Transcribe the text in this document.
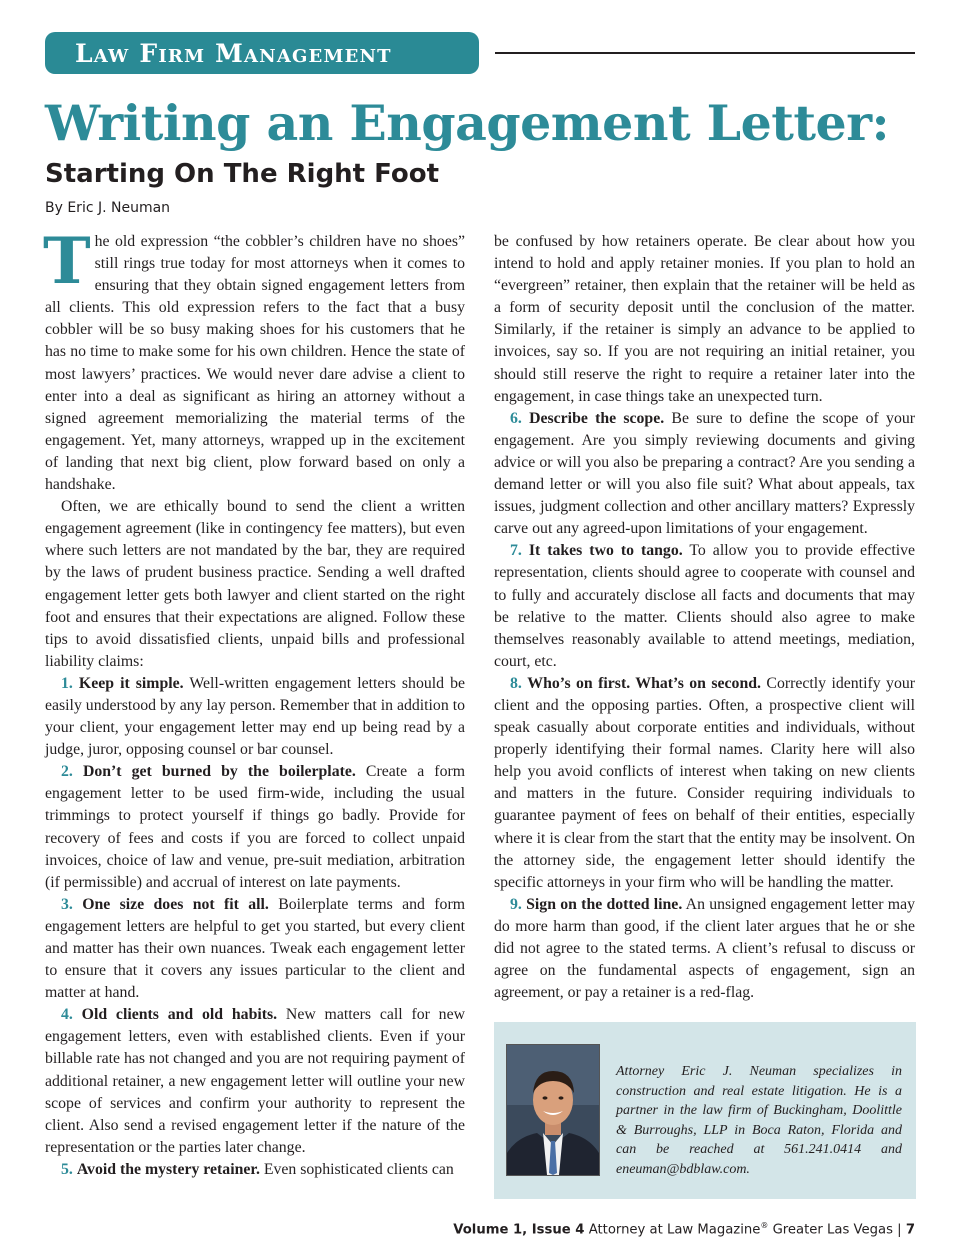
Law Firm Management
Writing an Engagement Letter:
Starting On The Right Foot
By Eric J. Neuman

The old expression “the cobbler’s children have no shoes” still rings true today for most attorneys when it comes to ensuring that they obtain signed engagement letters from all clients. This old expression refers to the fact that a busy cobbler will be so busy making shoes for his customers that he has no time to make some for his own children. Hence the state of most lawyers’ practices. We would never dare advise a client to enter into a deal as significant as hiring an attorney without a signed agreement memorializing the material terms of the engagement. Yet, many attorneys, wrapped up in the excitement of landing that next big client, plow forward based on only a handshake.

Often, we are ethically bound to send the client a written engagement agreement (like in contingency fee matters), but even where such letters are not mandated by the bar, they are required by the laws of prudent business practice. Sending a well drafted engagement letter gets both lawyer and client started on the right foot and ensures that their expectations are aligned. Follow these tips to avoid dissatisfied clients, unpaid bills and professional liability claims:

1. Keep it simple. Well-written engagement letters should be easily understood by any lay person. Remember that in addition to your client, your engagement letter may end up being read by a judge, juror, opposing counsel or bar counsel.

2. Don’t get burned by the boilerplate. Create a form engagement letter to be used firm-wide, including the usual trimmings to protect yourself if things go badly. Provide for recovery of fees and costs if you are forced to collect unpaid invoices, choice of law and venue, pre-suit mediation, arbitration (if permissible) and accrual of interest on late payments.

3. One size does not fit all. Boilerplate terms and form engagement letters are helpful to get you started, but every client and matter has their own nuances. Tweak each engagement letter to ensure that it covers any issues particular to the client and matter at hand.

4. Old clients and old habits. New matters call for new engagement letters, even with established clients. Even if your billable rate has not changed and you are not requiring payment of additional retainer, a new engagement letter will outline your new scope of services and confirm your authority to represent the client. Also send a revised engagement letter if the nature of the representation or the parties later change.

5. Avoid the mystery retainer. Even sophisticated clients can

be confused by how retainers operate. Be clear about how you intend to hold and apply retainer monies. If you plan to hold an “evergreen” retainer, then explain that the retainer will be held as a form of security deposit until the conclusion of the matter. Similarly, if the retainer is simply an advance to be applied to invoices, say so. If you are not requiring an initial retainer, you should still reserve the right to require a retainer later into the engagement, in case things take an unexpected turn.

6. Describe the scope. Be sure to define the scope of your engagement. Are you simply reviewing documents and giving advice or will you also be preparing a contract? Are you sending a demand letter or will you also file suit? What about appeals, tax issues, judgment collection and other ancillary matters? Expressly carve out any agreed-upon limitations of your engagement.

7. It takes two to tango. To allow you to provide effective representation, clients should agree to cooperate with counsel and to fully and accurately disclose all facts and documents that may be relative to the matter. Clients should also agree to make themselves reasonably available to attend meetings, mediation, court, etc.

8. Who’s on first. What’s on second. Correctly identify your client and the opposing parties. Often, a prospective client will speak casually about corporate entities and individuals, without properly identifying their formal names. Clarity here will also help you avoid conflicts of interest when taking on new clients and matters in the future. Consider requiring individuals to guarantee payment of fees on behalf of their entities, especially where it is clear from the start that the entity may be insolvent. On the attorney side, the engagement letter should identify the specific attorneys in your firm who will be handling the matter.

9. Sign on the dotted line. An unsigned engagement letter may do more harm than good, if the client later argues that he or she did not agree to the stated terms. A client’s refusal to discuss or agree on the fundamental aspects of engagement, sign an agreement, or pay a retainer is a red-flag.

Attorney Eric J. Neuman specializes in construction and real estate litigation. He is a partner in the law firm of Buckingham, Doolittle & Burroughs, LLP in Boca Raton, Florida and can be reached at 561.241.0414 and eneuman@bdblaw.com.
Volume 1, Issue 4 Attorney at Law Magazine® Greater Las Vegas | 7
